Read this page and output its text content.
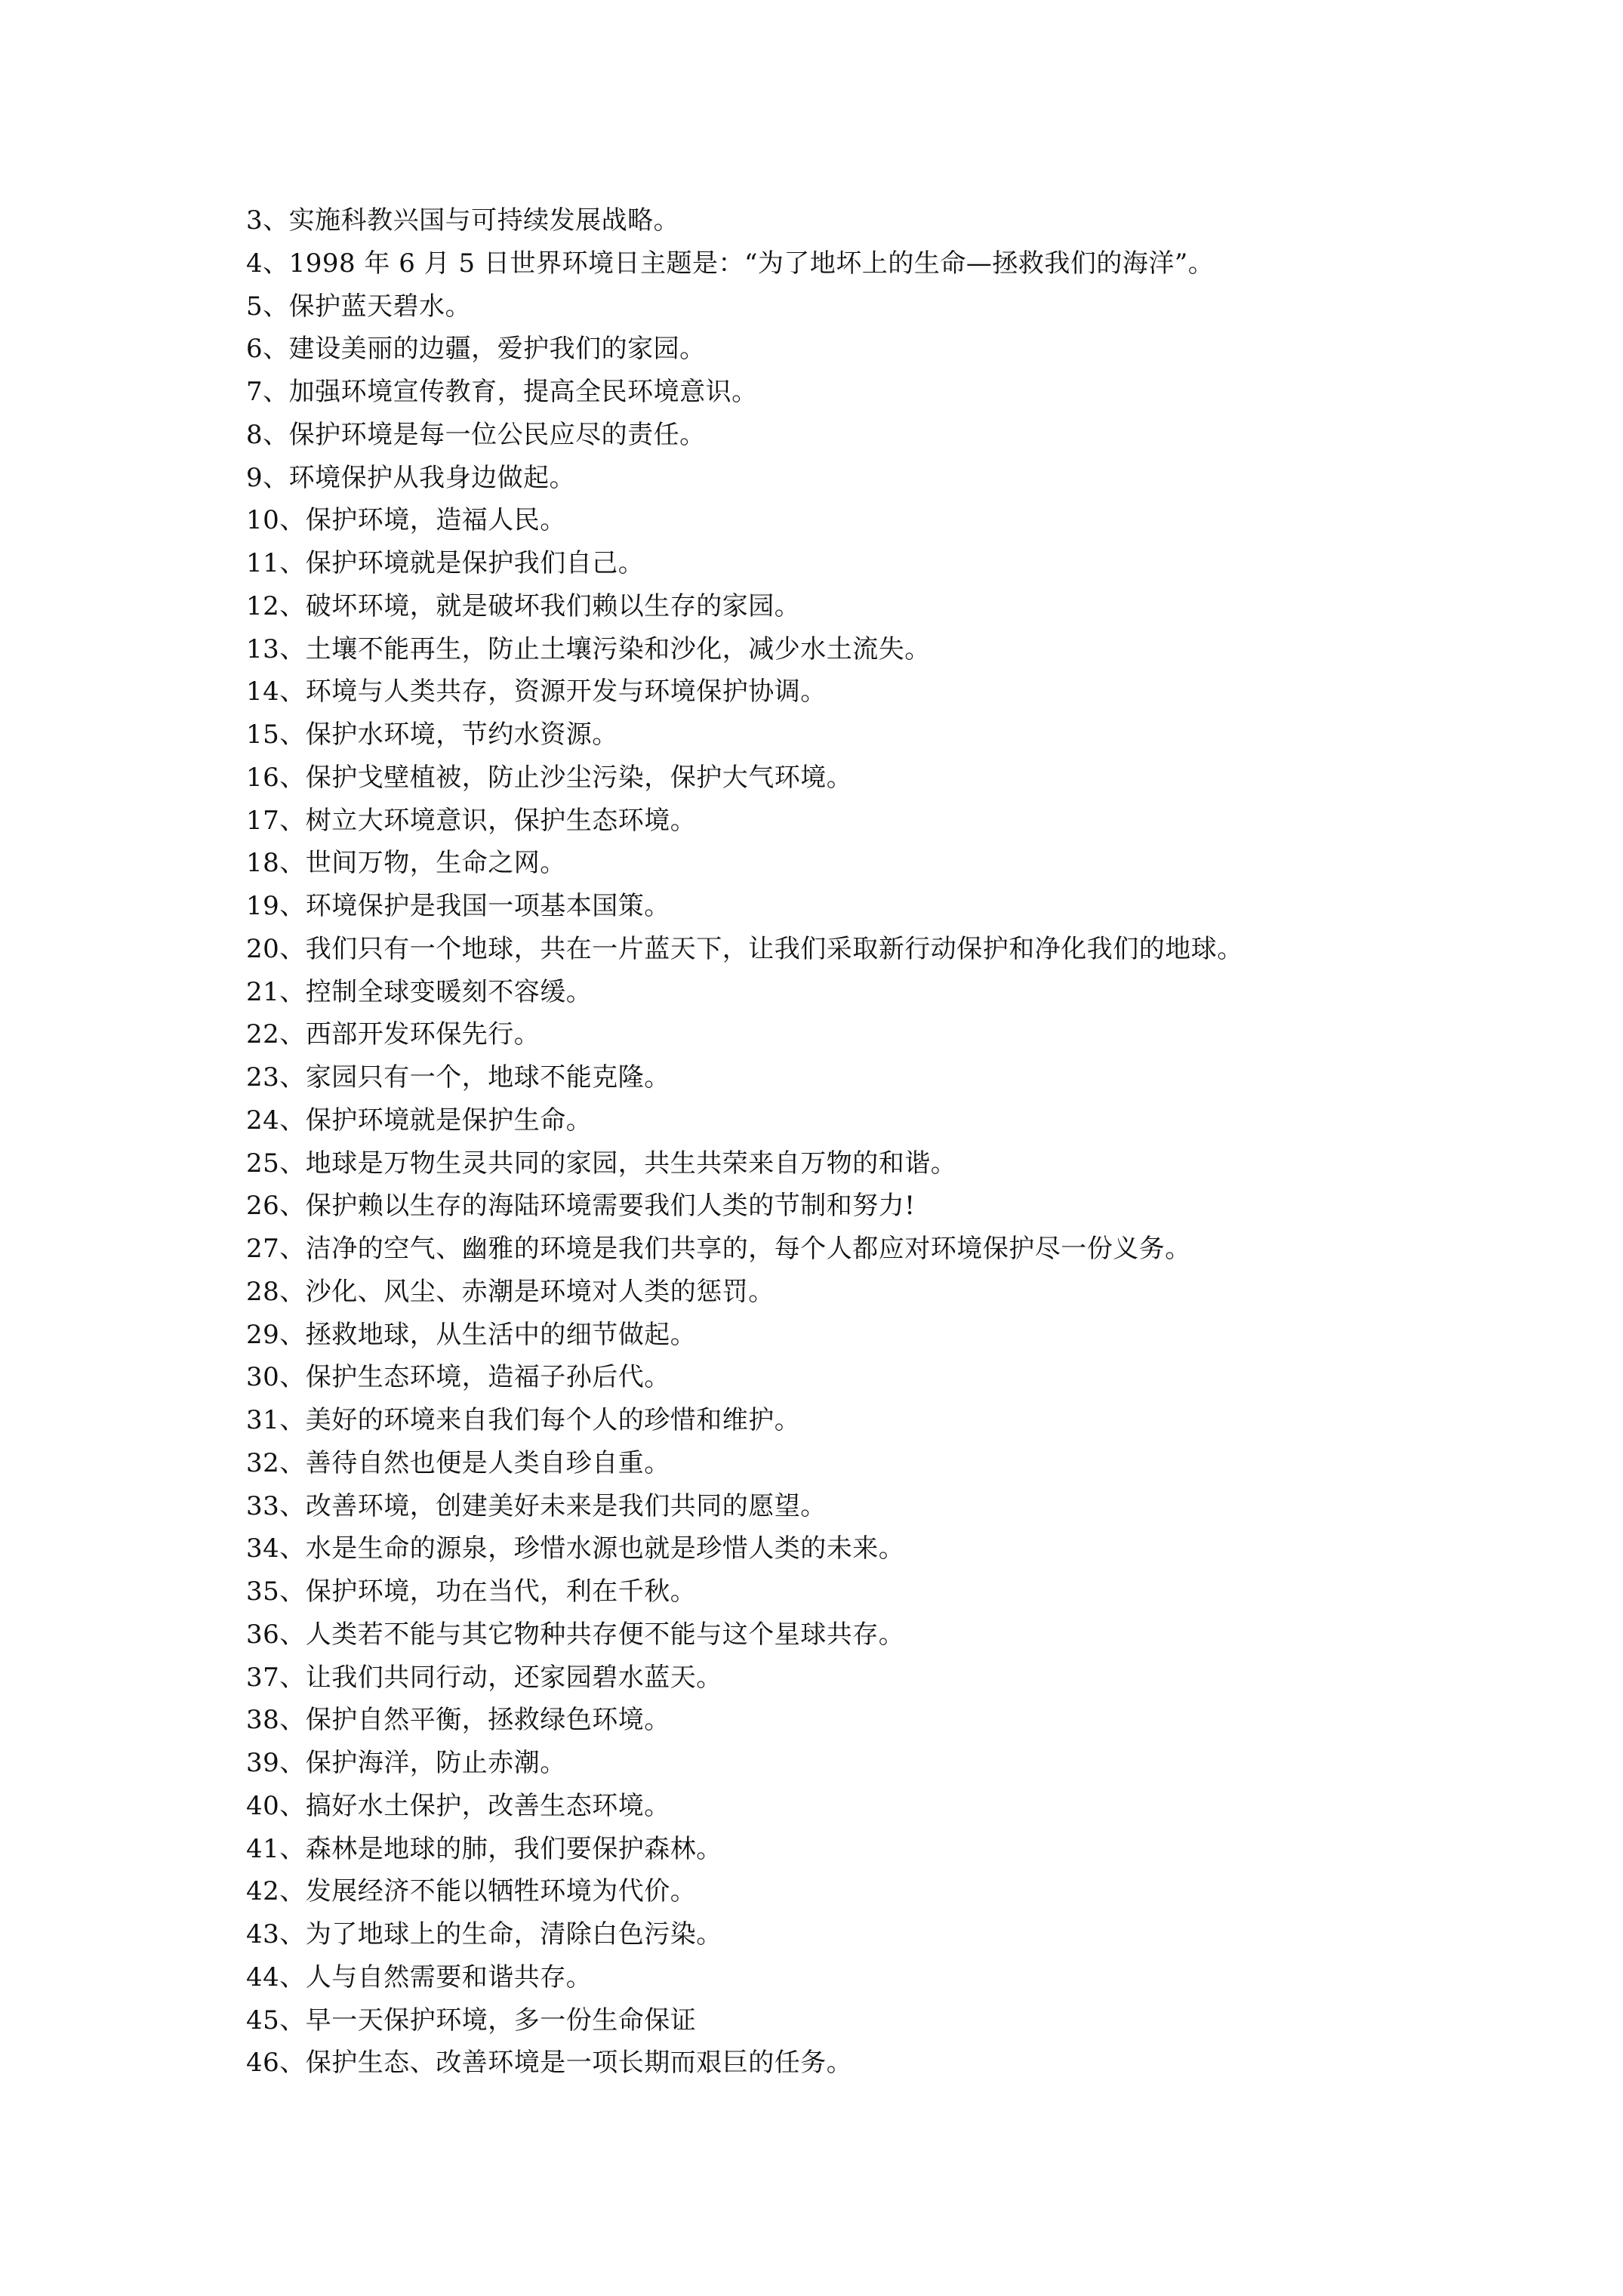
3、实施科教兴国与可持续发展战略。
4、1998 年 6 月 5 日世界环境日主题是：“为了地坏上的生命—拯救我们的海洋”。
5、保护蓝天碧水。
6、建设美丽的边疆，爱护我们的家园。
7、加强环境宣传教育，提高全民环境意识。
8、保护环境是每一位公民应尽的责任。
9、环境保护从我身边做起。
10、保护环境，造福人民。
11、保护环境就是保护我们自己。
12、破坏环境，就是破坏我们赖以生存的家园。
13、土壤不能再生，防止土壤污染和沙化，减少水土流失。
14、环境与人类共存，资源开发与环境保护协调。
15、保护水环境，节约水资源。
16、保护戈壁植被，防止沙尘污染，保护大气环境。
17、树立大环境意识，保护生态环境。
18、世间万物，生命之网。
19、环境保护是我国一项基本国策。
20、我们只有一个地球，共在一片蓝天下，让我们采取新行动保护和净化我们的地球。
21、控制全球变暖刻不容缓。
22、西部开发环保先行。
23、家园只有一个，地球不能克隆。
24、保护环境就是保护生命。
25、地球是万物生灵共同的家园，共生共荣来自万物的和谐。
26、保护赖以生存的海陆环境需要我们人类的节制和努力!
27、洁净的空气、幽雅的环境是我们共享的，每个人都应对环境保护尽一份义务。
28、沙化、风尘、赤潮是环境对人类的惩罚。
29、拯救地球，从生活中的细节做起。
30、保护生态环境，造福子孙后代。
31、美好的环境来自我们每个人的珍惜和维护。
32、善待自然也便是人类自珍自重。
33、改善环境，创建美好未来是我们共同的愿望。
34、水是生命的源泉，珍惜水源也就是珍惜人类的未来。
35、保护环境，功在当代，利在千秋。
36、人类若不能与其它物种共存便不能与这个星球共存。
37、让我们共同行动，还家园碧水蓝天。
38、保护自然平衡，拯救绿色环境。
39、保护海洋，防止赤潮。
40、搞好水土保护，改善生态环境。
41、森林是地球的肺，我们要保护森林。
42、发展经济不能以牺牲环境为代价。
43、为了地球上的生命，清除白色污染。
44、人与自然需要和谐共存。
45、早一天保护环境，多一份生命保证
46、保护生态、改善环境是一项长期而艰巨的任务。
